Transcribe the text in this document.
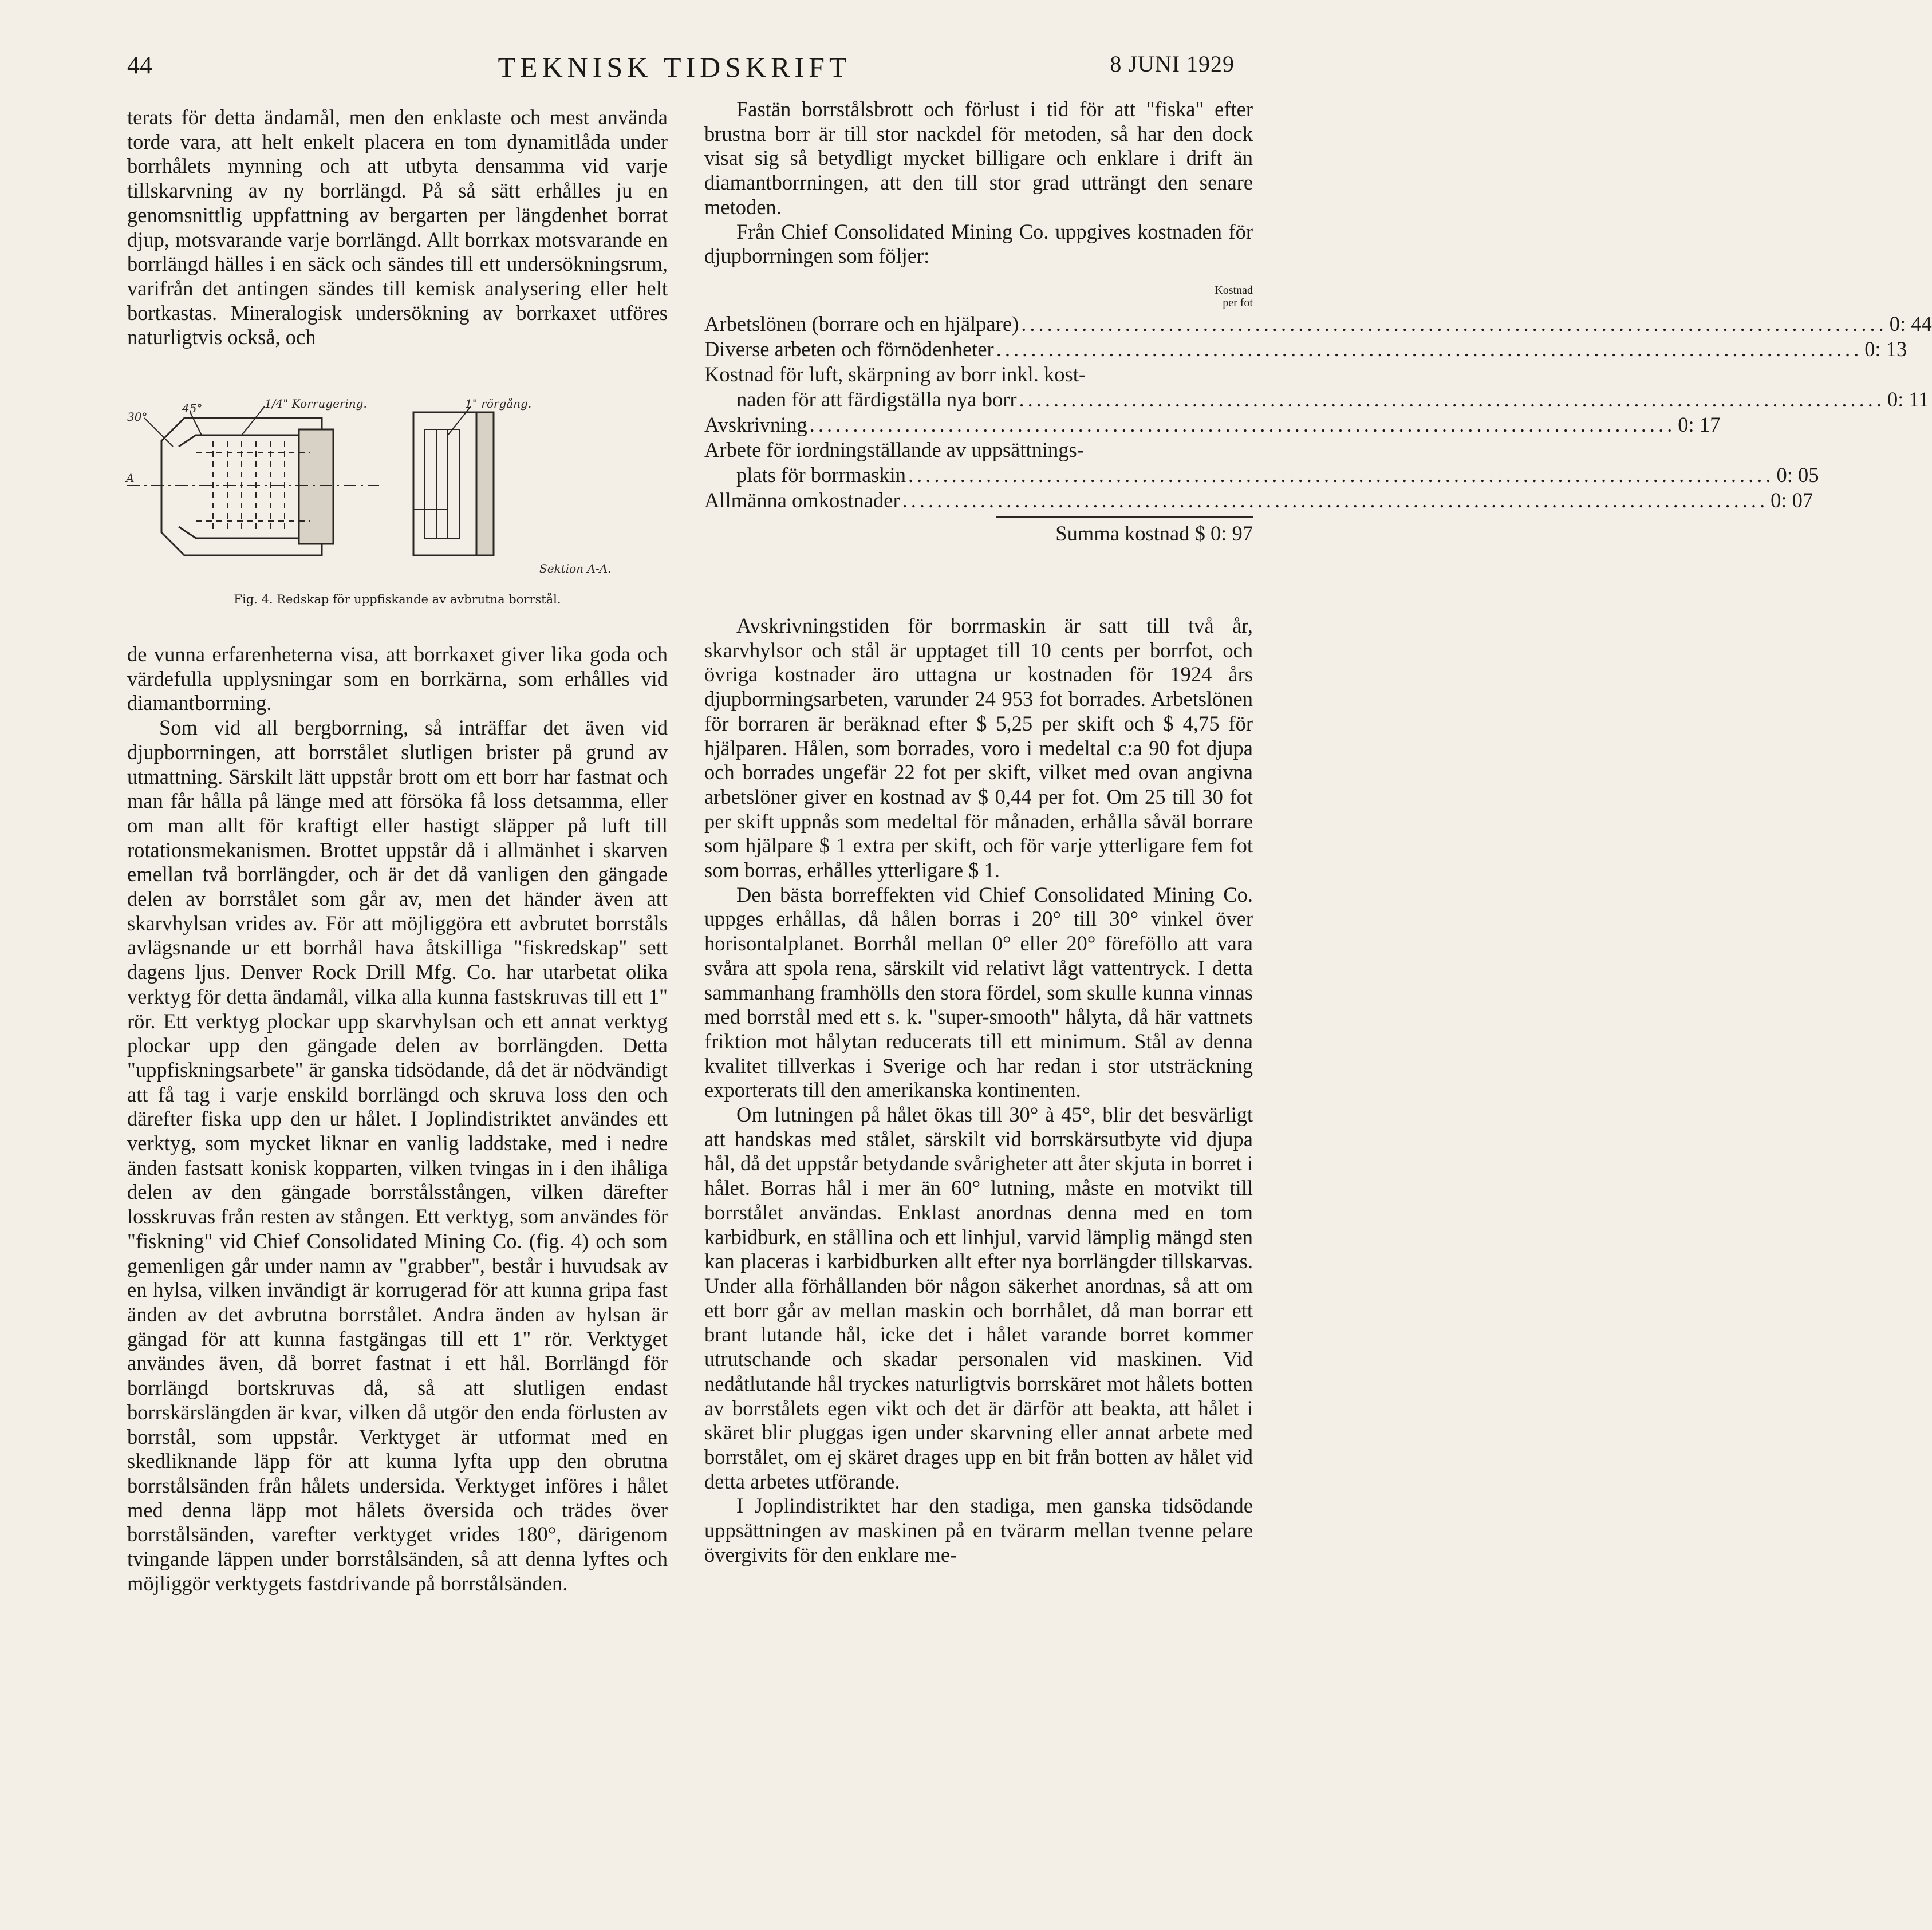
44	TEKNISK TIDSKRIFT	8 JUNI 1929

terats för detta ändamål, men den enklaste och mest använda torde vara, att helt enkelt placera en tom dynamitlåda under borrhålets mynning och att utbyta densamma vid varje tillskarvning av ny borrlängd. På så sätt erhålles ju en genomsnittlig uppfattning av bergarten per längdenhet borrat djup, motsvarande varje borrlängd. Allt borrkax motsvarande en borrlängd hälles i en säck och sändes till ett undersökningsrum, varifrån det antingen sändes till kemisk analysering eller helt bortkastas. Mineralogisk undersökning av borrkaxet utföres naturligtvis också, och

30°
45°	1/4" Korrugering.	1" rörgång.
A
Sektion A-A.
Fig. 4. Redskap för uppfiskande av avbrutna borrstål.

de vunna erfarenheterna visa, att borrkaxet giver lika goda och värdefulla upplysningar som en borrkärna, som erhålles vid diamantborrning.

Som vid all bergborrning, så inträffar det även vid djupborrningen, att borrstålet slutligen brister på grund av utmattning. Särskilt lätt uppstår brott om ett borr har fastnat och man får hålla på länge med att försöka få loss detsamma, eller om man allt för kraftigt eller hastigt släpper på luft till rotationsmekanismen. Brottet uppstår då i allmänhet i skarven emellan två borrlängder, och är det då vanligen den gängade delen av borrstålet som går av, men det händer även att skarvhylsan vrides av. För att möjliggöra ett avbrutet borrståls avlägsnande ur ett borrhål hava åtskilliga "fiskredskap" sett dagens ljus. Denver Rock Drill Mfg. Co. har utarbetat olika verktyg för detta ändamål, vilka alla kunna fastskruvas till ett 1" rör. Ett verktyg plockar upp skarvhylsan och ett annat verktyg plockar upp den gängade delen av borrlängden. Detta "uppfiskningsarbete" är ganska tidsödande, då det är nödvändigt att få tag i varje enskild borrlängd och skruva loss den och därefter fiska upp den ur hålet. I Joplindistriktet användes ett verktyg, som mycket liknar en vanlig laddstake, med i nedre änden fastsatt konisk kopparten, vilken tvingas in i den ihåliga delen av den gängade borrstålsstången, vilken därefter losskruvas från resten av stången. Ett verktyg, som användes för "fiskning" vid Chief Consolidated Mining Co. (fig. 4) och som gemenligen går under namn av "grabber", består i huvudsak av en hylsa, vilken invändigt är korrugerad för att kunna gripa fast änden av det avbrutna borrstålet. Andra änden av hylsan är gängad för att kunna fastgängas till ett 1" rör. Verktyget användes även, då borret fastnat i ett hål. Borrlängd för borrlängd bortskruvas då, så att slutligen endast borrskärslängden är kvar, vilken då utgör den enda förlusten av borrstål, som uppstår. Verktyget är utformat med en skedliknande läpp för att kunna lyfta upp den obrutna borrstålsänden från hålets undersida. Verktyget införes i hålet med denna läpp mot hålets översida och trädes över borrstålsänden, varefter verktyget vrides 180°, därigenom tvingande läppen under borrstålsänden, så att denna lyftes och möjliggör verktygets fastdrivande på borrstålsänden.

Fastän borrstålsbrott och förlust i tid för att "fiska" efter brustna borr är till stor nackdel för metoden, så har den dock visat sig så betydligt mycket billigare och enklare i drift än diamantborrningen, att den till stor grad utträngt den senare metoden.

Från Chief Consolidated Mining Co. uppgives kostnaden för djupborrningen som följer:

Kostnad
per fot
Arbetslönen (borrare och en hjälpare) .....	0: 44
Diverse arbeten och förnödenheter .....	0: 13
Kostnad för luft, skärpning av borr inkl. kost-
naden för att färdigställa nya borr .....	0: 11
Avskrivning .....	0: 17
Arbete för iordningställande av uppsättnings-
plats för borrmaskin .....	0: 05
Allmänna omkostnader .....	0: 07
Summa kostnad $ 0: 97

Avskrivningstiden för borrmaskin är satt till två år, skarvhylsor och stål är upptaget till 10 cents per borrfot, och övriga kostnader äro uttagna ur kostnaden för 1924 års djupborrningsarbeten, varunder 24 953 fot borrades. Arbetslönen för borraren är beräknad efter $ 5,25 per skift och $ 4,75 för hjälparen. Hålen, som borrades, voro i medeltal c:a 90 fot djupa och borrades ungefär 22 fot per skift, vilket med ovan angivna arbetslöner giver en kostnad av $ 0,44 per fot. Om 25 till 30 fot per skift uppnås som medeltal för månaden, erhålla såväl borrare som hjälpare $ 1 extra per skift, och för varje ytterligare fem fot som borras, erhålles ytterligare $ 1.

Den bästa borreffekten vid Chief Consolidated Mining Co. uppges erhållas, då hålen borras i 20° till 30° vinkel över horisontalplanet. Borrhål mellan 0° eller 20° föreföllo att vara svåra att spola rena, särskilt vid relativt lågt vattentryck. I detta sammanhang framhölls den stora fördel, som skulle kunna vinnas med borrstål med ett s. k. "super-smooth" hålyta, då här vattnets friktion mot hålytan reducerats till ett minimum. Stål av denna kvalitet tillverkas i Sverige och har redan i stor utsträckning exporterats till den amerikanska kontinenten.

Om lutningen på hålet ökas till 30° à 45°, blir det besvärligt att handskas med stålet, särskilt vid borrskärsutbyte vid djupa hål, då det uppstår betydande svårigheter att åter skjuta in borret i hålet. Borras hål i mer än 60° lutning, måste en motvikt till borrstålet användas. Enklast anordnas denna med en tom karbidburk, en stållina och ett linhjul, varvid lämplig mängd sten kan placeras i karbidburken allt efter nya borrlängder tillskarvas. Under alla förhållanden bör någon säkerhet anordnas, så att om ett borr går av mellan maskin och borrhålet, då man borrar ett brant lutande hål, icke det i hålet varande borret kommer utrutschande och skadar personalen vid maskinen. Vid nedåtlutande hål tryckes naturligtvis borrskäret mot hålets botten av borrstålets egen vikt och det är därför att beakta, att hålet i skäret blir pluggas igen under skarvning eller annat arbete med borrstålet, om ej skäret drages upp en bit från botten av hålet vid detta arbetes utförande.

I Joplindistriktet har den stadiga, men ganska tidsödande uppsättningen av maskinen på en tvärarm mellan tvenne pelare övergivits för den enklare me-
